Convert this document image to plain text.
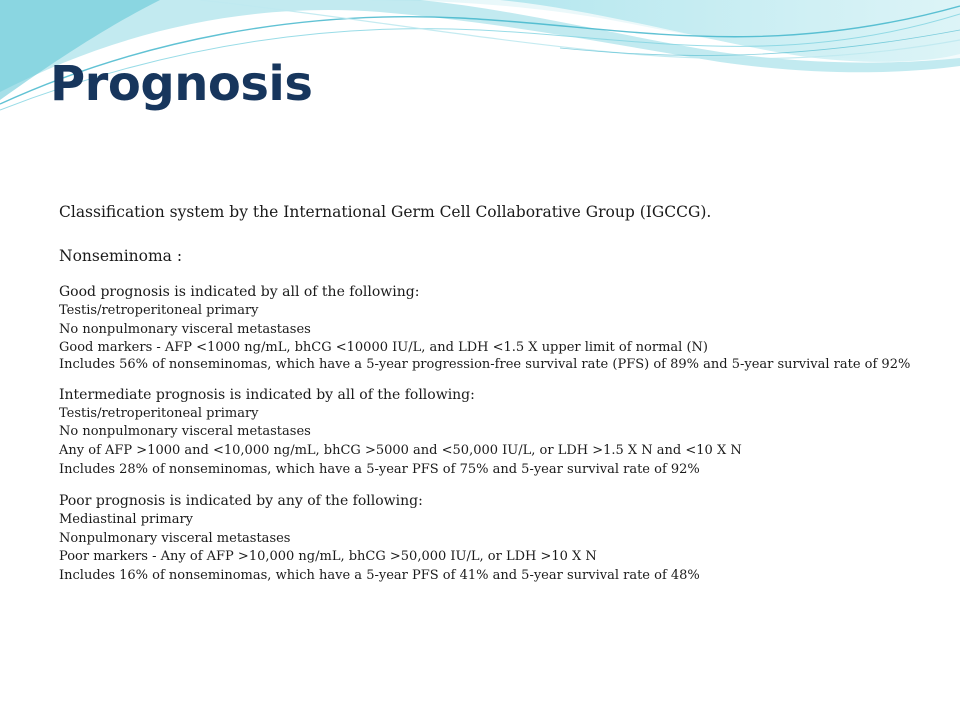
Prognosis

Classification system by the International Germ Cell Collaborative Group (IGCCG).

Nonseminoma :

Good prognosis is indicated by all of the following:

Testis/retroperitoneal primary

No nonpulmonary visceral metastases

Good markers - AFP <1000 ng/mL, bhCG <10000 IU/L, and LDH <1.5 X upper limit of normal (N)

Includes 56% of nonseminomas, which have a 5-year progression-free survival rate (PFS) of 89% and 5-year survival rate of 92%

Intermediate prognosis is indicated by all of the following:

Testis/retroperitoneal primary

No nonpulmonary visceral metastases

Any of AFP >1000 and <10,000 ng/mL, bhCG >5000 and <50,000 IU/L, or LDH >1.5 X N and <10 X N

Includes 28% of nonseminomas, which have a 5-year PFS of 75% and 5-year survival rate of 92%

Poor prognosis is indicated by any of the following:

Mediastinal primary

Nonpulmonary visceral metastases

Poor markers - Any of AFP >10,000 ng/mL, bhCG >50,000 IU/L, or LDH >10 X N

Includes 16% of nonseminomas, which have a 5-year PFS of 41% and 5-year survival rate of 48%
